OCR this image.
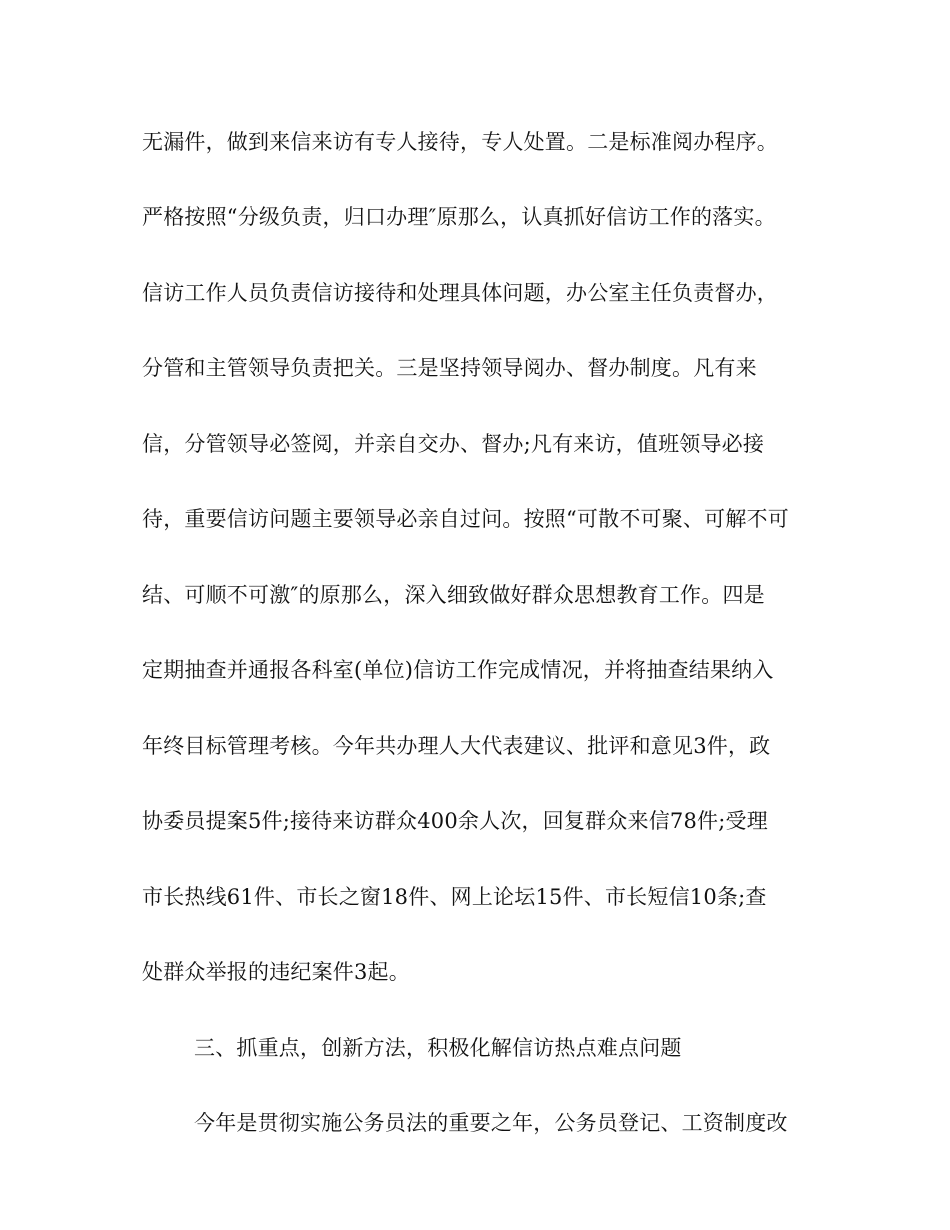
无漏件，做到来信来访有专人接待，专人处置。二是标准阅办程序。
严格按照“分级负责，归口办理″原那么，认真抓好信访工作的落实。
信访工作人员负责信访接待和处理具体问题，办公室主任负责督办，
分管和主管领导负责把关。三是坚持领导阅办、督办制度。凡有来
信，分管领导必签阅，并亲自交办、督办;凡有来访，值班领导必接
待，重要信访问题主要领导必亲自过问。按照“可散不可聚、可解不可
结、可顺不可激″的原那么，深入细致做好群众思想教育工作。四是
定期抽查并通报各科室(单位)信访工作完成情况，并将抽查结果纳入
年终目标管理考核。今年共办理人大代表建议、批评和意见3件，政
协委员提案5件;接待来访群众400余人次，回复群众来信78件;受理
市长热线61件、市长之窗18件、网上论坛15件、市长短信10条;查
处群众举报的违纪案件3起。
三、抓重点，创新方法，积极化解信访热点难点问题
今年是贯彻实施公务员法的重要之年，公务员登记、工资制度改
